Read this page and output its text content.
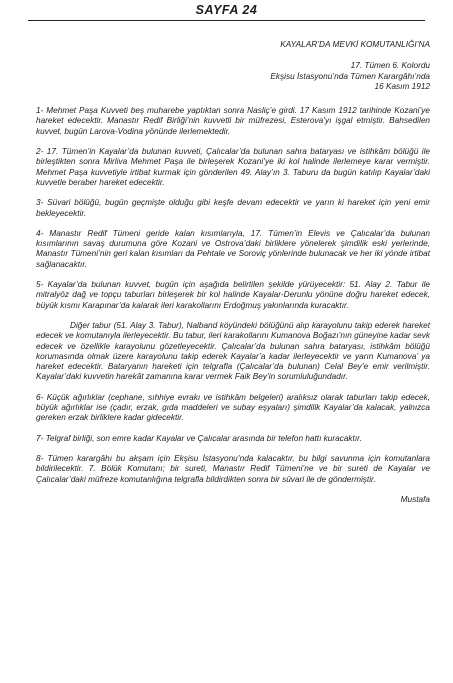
SAYFA 24
KAYALAR’DA MEVKİ KOMUTANLIĞI’NA
17. Tümen 6. Kolordu
Ekşisu İstasyonu’nda Tümen Karargâhı’nda
16 Kasım 1912
1- Mehmet Paşa Kuvveti beş muharebe yaptıktan sonra Nasliç’e girdi. 17 Kasım 1912 tarihinde Kozani’ye hareket edecektir. Manastır Redif Birliği’nin kuvvetli bir müfrezesi, Esterova’yı işgal etmiştir. Bahsedilen kuvvet, bugün Larova-Vodina yönünde ilerlemektedir.
2- 17. Tümen’in Kayalar’da bulunan kuvveti, Çalıcalar’da bulunan sahra bataryası ve istihkâm bölüğü ile birleştikten sonra Mirliva Mehmet Paşa ile birleşerek Kozani’ye iki kol halinde ilerlemeye karar vermiştir. Mehmet Paşa kuvvetiyle irtibat kurmak için gönderilen 49. Alay’ın 3. Taburu da bugün katılıp Kayalar’daki kuvvetle beraber hareket edecektir.
3- Süvari bölüğü, bugün geçmişte olduğu gibi keşfe devam edecektir ve yarın ki hareket için yeni emir bekleyecektir.
4- Manastır Redif Tümeni geride kalan kısımlarıyla, 17. Tümen’in Elevis ve Çalıcalar’da bulunan kısımlarının savaş durumuna göre Kozani ve Ostrova’daki birliklere yönelerek şimdilik eski yerlerinde, Manastır Tümeni’nin geri kalan kısımları da Pehtale ve Soroviç yönlerinde bulunacak ve her iki yönde irtibat sağlanacaktır.
5- Kayalar’da bulunan kuvvet, bugün için aşağıda belirtilen şekilde yürüyecektir: 51. Alay 2. Tabur ile mitralyöz dağ ve topçu taburları birleşerek bir kol halinde Kayalar-Derunlu yönüne doğru hareket edecek, büyük kısmı Karapınar’da kalarak ileri karakollarını Erdoğmuş yakınlarında kuracaktır.
Diğer tabur (51. Alay 3. Tabur), Nalband köyündeki bölüğünü alıp karayolunu takip ederek hareket edecek ve komutanıyla ilerleyecektir. Bu tabur, ileri karakollarını Kumanova Boğazı’nın güneyine kadar sevk edecek ve özellikle karayolunu gözetleyecektir. Çalıcalar’da bulunan sahra bataryası, istihkâm bölüğü korumasında olmak üzere karayolunu takip ederek Kayalar’a kadar ilerleyecektir ve yarın Kumanova’ ya hareket edecektir. Bataryanın hareketi için telgrafla (Çalıcalar’da bulunan) Celal Bey’e emir verilmiştir. Kayalar’daki kuvvetin harekât zamanına karar vermek Faik Bey’in sorumluluğundadır.
6- Küçük ağırlıklar (cephane, sıhhiye evrakı ve istihkâm belgeleri) aralıksız olarak taburları takip edecek, büyük ağırlıklar ise (çadır, erzak, gıda maddeleri ve subay eşyaları) şimdilik Kayalar’da kalacak, yalnızca gereken erzak birliklere kadar gidecektir.
7- Telgraf birliği, son emre kadar Kayalar ve Çalıcalar arasında bir telefon hattı kuracaktır.
8- Tümen karargâhı bu akşam için Ekşisu İstasyonu’nda kalacaktır, bu bilgi savunma için komutanlara bildirilecektir. 7. Bölük Komutanı; bir sureti, Manastır Redif Tümeni’ne ve bir sureti de Kayalar ve Çalıcalar’daki müfreze komutanlığına telgrafla bildirdikten sonra bir süvari ile de göndermiştir.
Mustafa
